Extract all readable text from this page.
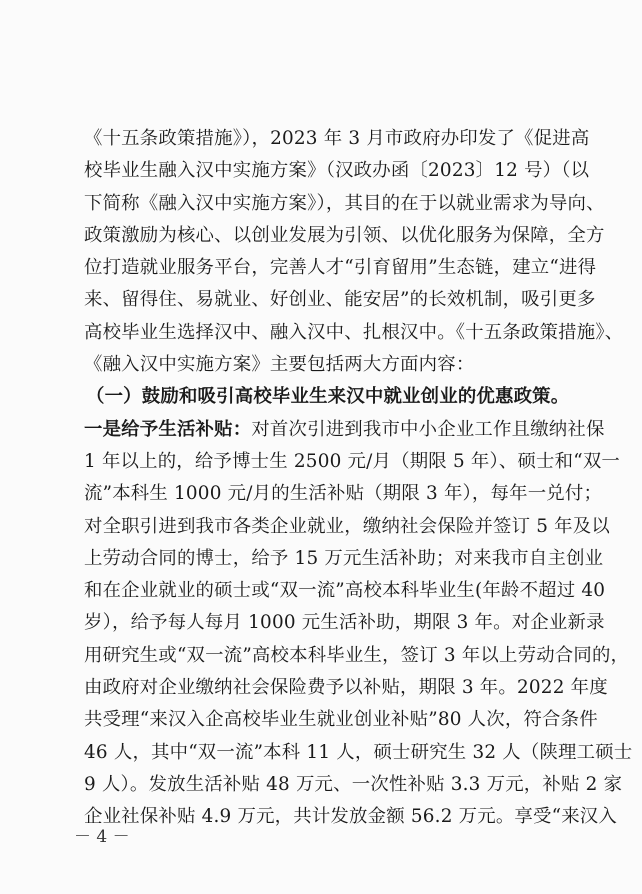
《十五条政策措施》），2023 年 3 月市政府办印发了《促进高
校毕业生融入汉中实施方案》（汉政办函〔2023〕12 号）（以
下简称《融入汉中实施方案》），其目的在于以就业需求为导向、
政策激励为核心、以创业发展为引领、以优化服务为保障，全方
位打造就业服务平台，完善人才“引育留用”生态链，建立“进得
来、留得住、易就业、好创业、能安居”的长效机制，吸引更多
高校毕业生选择汉中、融入汉中、扎根汉中。《十五条政策措施》、
《融入汉中实施方案》主要包括两大方面内容：
（一）鼓励和吸引高校毕业生来汉中就业创业的优惠政策。
一是给予生活补贴：对首次引进到我市中小企业工作且缴纳社保
1 年以上的，给予博士生 2500 元/月（期限 5 年）、硕士和“双一
流”本科生 1000 元/月的生活补贴（期限 3 年），每年一兑付；
对全职引进到我市各类企业就业，缴纳社会保险并签订 5 年及以
上劳动合同的博士，给予 15 万元生活补助；对来我市自主创业
和在企业就业的硕士或“双一流”高校本科毕业生(年龄不超过 40
岁），给予每人每月 1000 元生活补助，期限 3 年。对企业新录
用研究生或“双一流”高校本科毕业生，签订 3 年以上劳动合同的，
由政府对企业缴纳社会保险费予以补贴，期限 3 年。2022 年度
共受理“来汉入企高校毕业生就业创业补贴”80 人次，符合条件
46 人，其中“双一流”本科 11 人，硕士研究生 32 人（陕理工硕士
9 人）。发放生活补贴 48 万元、一次性补贴 3.3 万元，补贴 2 家
企业社保补贴 4.9 万元，共计发放金额 56.2 万元。享受“来汉入
－ 4 －
